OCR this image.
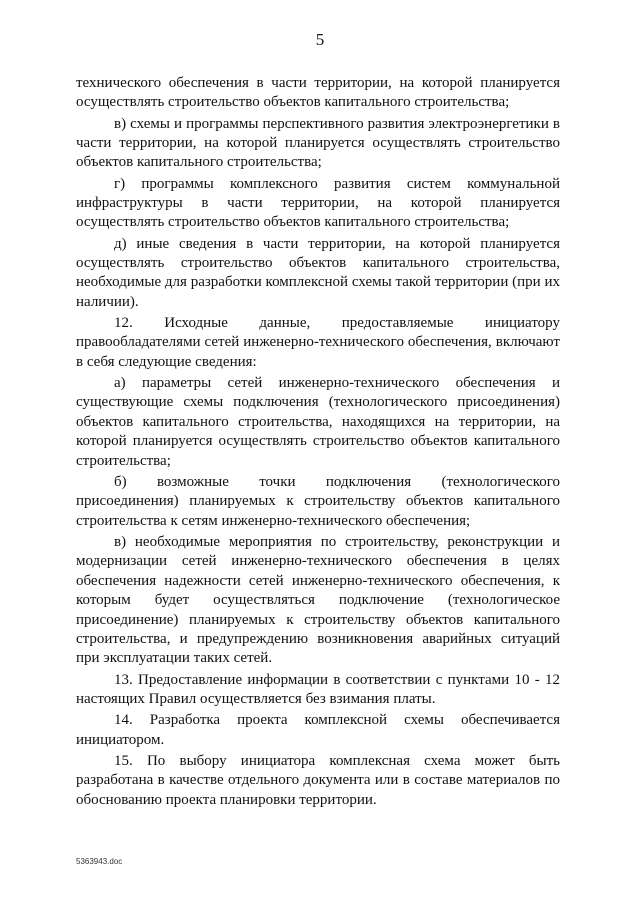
5

технического обеспечения в части территории, на которой планируется осуществлять строительство объектов капитального строительства;

в) схемы и программы перспективного развития электроэнергетики в части территории, на которой планируется осуществлять строительство объектов капитального строительства;

г) программы комплексного развития систем коммунальной инфраструктуры в части территории, на которой планируется осуществлять строительство объектов капитального строительства;

д) иные сведения в части территории, на которой планируется осуществлять строительство объектов капитального строительства, необходимые для разработки комплексной схемы такой территории (при их наличии).

12. Исходные данные, предоставляемые инициатору правообладателями сетей инженерно-технического обеспечения, включают в себя следующие сведения:

а) параметры сетей инженерно-технического обеспечения и существующие схемы подключения (технологического присоединения) объектов капитального строительства, находящихся на территории, на которой планируется осуществлять строительство объектов капитального строительства;

б) возможные точки подключения (технологического присоединения) планируемых к строительству объектов капитального строительства к сетям инженерно-технического обеспечения;

в) необходимые мероприятия по строительству, реконструкции и модернизации сетей инженерно-технического обеспечения в целях обеспечения надежности сетей инженерно-технического обеспечения, к которым будет осуществляться подключение (технологическое присоединение) планируемых к строительству объектов капитального строительства, и предупреждению возникновения аварийных ситуаций при эксплуатации таких сетей.

13. Предоставление информации в соответствии с пунктами 10 - 12 настоящих Правил осуществляется без взимания платы.

14. Разработка проекта комплексной схемы обеспечивается инициатором.

15. По выбору инициатора комплексная схема может быть разработана в качестве отдельного документа или в составе материалов по обоснованию проекта планировки территории.

5363943.doc
